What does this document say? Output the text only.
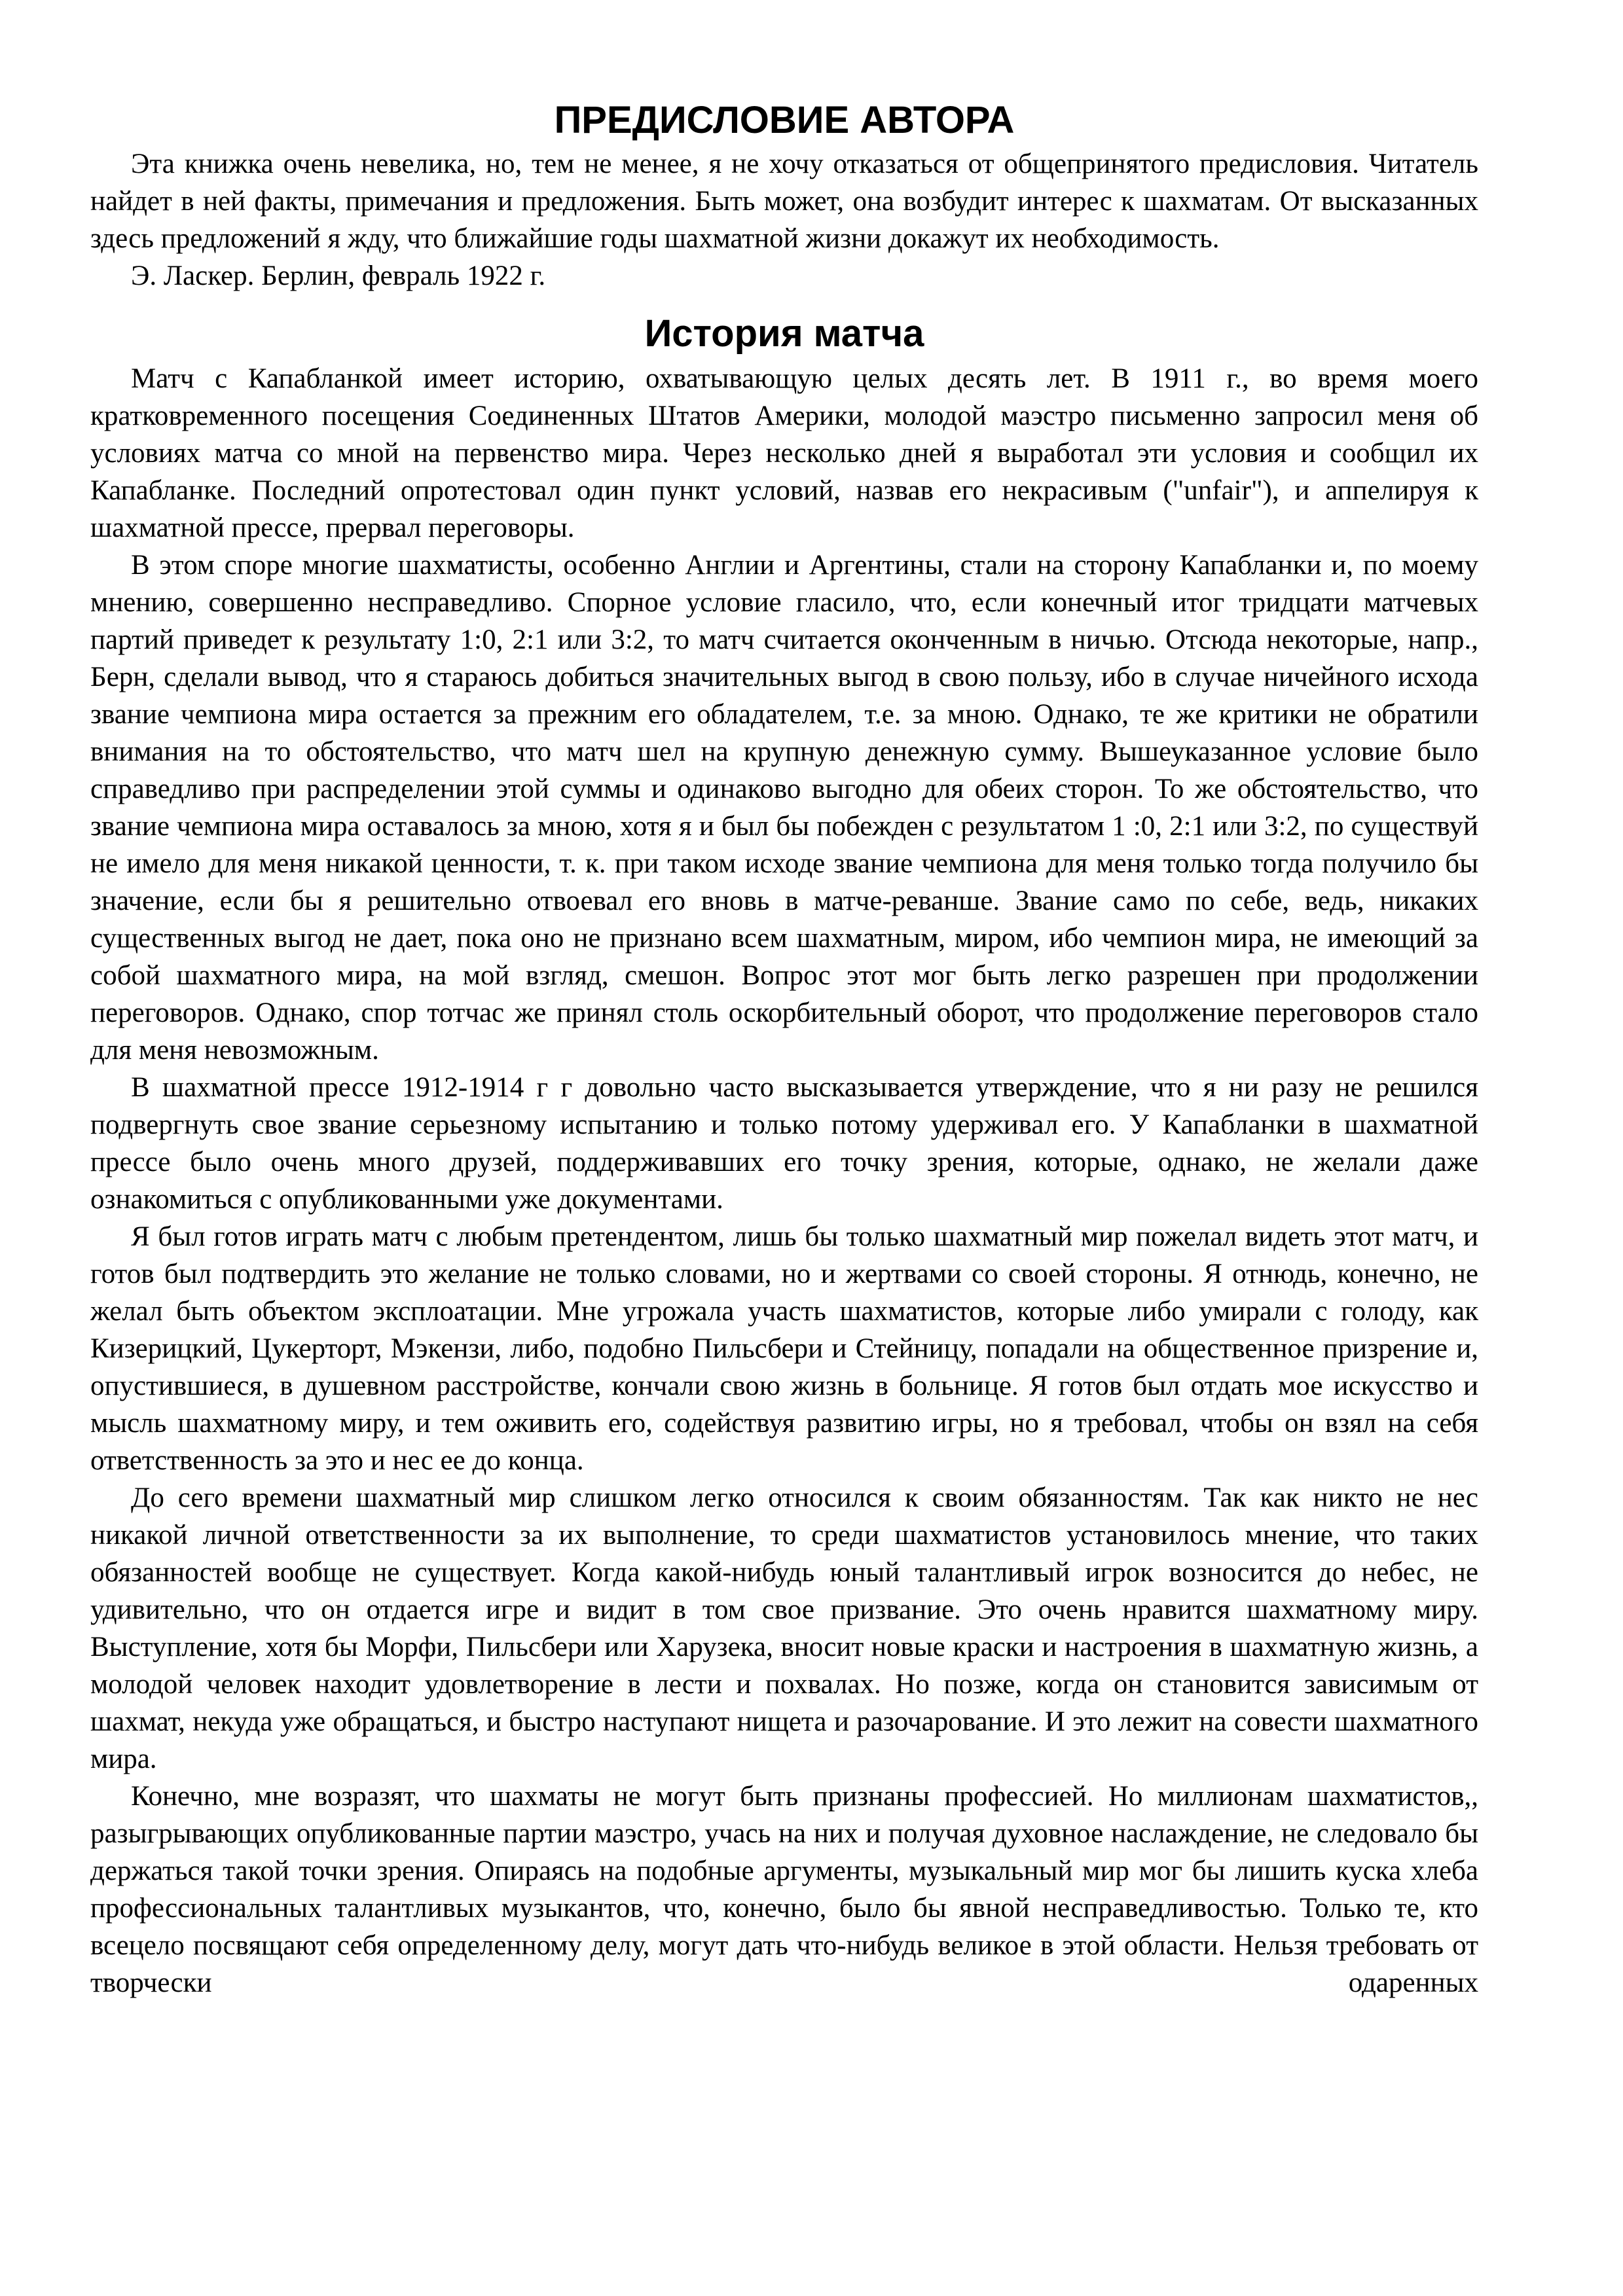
ПРЕДИСЛОВИЕ АВТОРА

Эта книжка очень невелика, но, тем не менее, я не хочу отказаться от общепринятого предисловия. Читатель найдет в ней факты, примечания и предложения. Быть может, она возбудит интерес к шахматам. От высказанных здесь предложений я жду, что ближайшие годы шахматной жизни докажут их необходимость.

Э. Ласкер. Берлин, февраль 1922 г.

История матча

Матч с Капабланкой имеет историю, охватывающую целых десять лет. В 1911 г., во время моего кратковременного посещения Соединенных Штатов Америки, молодой маэстро письменно запросил меня об условиях матча со мной на первенство мира. Через несколько дней я выработал эти условия и сообщил их Капабланке. Последний опротестовал один пункт условий, назвав его некрасивым ("unfair"), и аппелируя к шахматной прессе, прервал переговоры.

В этом споре многие шахматисты, особенно Англии и Аргентины, стали на сторону Капабланки и, по моему мнению, совершенно несправедливо. Спорное условие гласило, что, если конечный итог тридцати матчевых партий приведет к результату 1:0, 2:1 или 3:2, то матч считается оконченным в ничью. Отсюда некоторые, напр., Берн, сделали вывод, что я стараюсь добиться значительных выгод в свою пользу, ибо в случае ничейного исхода звание чемпиона мира остается за прежним его обладателем, т.е. за мною. Однако, те же критики не обратили внимания на то обстоятельство, что матч шел на крупную денежную сумму. Вышеуказанное условие было справедливо при распределении этой суммы и одинаково выгодно для обеих сторон. То же обстоятельство, что звание чемпиона мира оставалось за мною, хотя я и был бы побежден с результатом 1 :0, 2:1 или 3:2, по существуй не имело для меня никакой ценности, т. к. при таком исходе звание чемпиона для меня только тогда получило бы значение, если бы я решительно отвоевал его вновь в матче-реванше. Звание само по себе, ведь, никаких существенных выгод не дает, пока оно не признано всем шахматным, миром, ибо чемпион мира, не имеющий за собой шахматного мира, на мой взгляд, смешон. Вопрос этот мог быть легко разрешен при продолжении переговоров. Однако, спор тотчас же принял столь оскорбительный оборот, что продолжение переговоров стало для меня невозможным.

В шахматной прессе 1912-1914 г г довольно часто высказывается утверждение, что я ни разу не решился подвергнуть свое звание серьезному испытанию и только потому удерживал его. У Капабланки в шахматной прессе было очень много друзей, поддерживавших его точку зрения, которые, однако, не желали даже ознакомиться с опубликованными уже документами.

Я был готов играть матч с любым претендентом, лишь бы только шахматный мир пожелал видеть этот матч, и готов был подтвердить это желание не только словами, но и жертвами со своей стороны. Я отнюдь, конечно, не желал быть объектом эксплоатации. Мне угрожала участь шахматистов, которые либо умирали с голоду, как Кизерицкий, Цукерторт, Мэкензи, либо, подобно Пильсбери и Стейницу, попадали на общественное призрение и, опустившиеся, в душевном расстройстве, кончали свою жизнь в больнице. Я готов был отдать мое искусство и мысль шахматному миру, и тем оживить его, содействуя развитию игры, но я требовал, чтобы он взял на себя ответственность за это и нес ее до конца.

До сего времени шахматный мир слишком легко относился к своим обязанностям. Так как никто не нес никакой личной ответственности за их выполнение, то среди шахматистов установилось мнение, что таких обязанностей вообще не существует. Когда какой-нибудь юный талантливый игрок возносится до небес, не удивительно, что он отдается игре и видит в том свое призвание. Это очень нравится шахматному миру. Выступление, хотя бы Морфи, Пильсбери или Харузека, вносит новые краски и настроения в шахматную жизнь, а молодой человек находит удовлетворение в лести и похвалах. Но позже, когда он становится зависимым от шахмат, некуда уже обращаться, и быстро наступают нищета и разочарование. И это лежит на совести шахматного мира.

Конечно, мне возразят, что шахматы не могут быть признаны профессией. Но миллионам шахматистов,, разыгрывающих опубликованные партии маэстро, учась на них и получая духовное наслаждение, не следовало бы держаться такой точки зрения. Опираясь на подобные аргументы, музыкальный мир мог бы лишить куска хлеба профессиональных талантливых музыкантов, что, конечно, было бы явной несправедливостью. Только те, кто всецело посвящают себя определенному делу, могут дать что-нибудь великое в этой области. Нельзя требовать от творчески одаренных
